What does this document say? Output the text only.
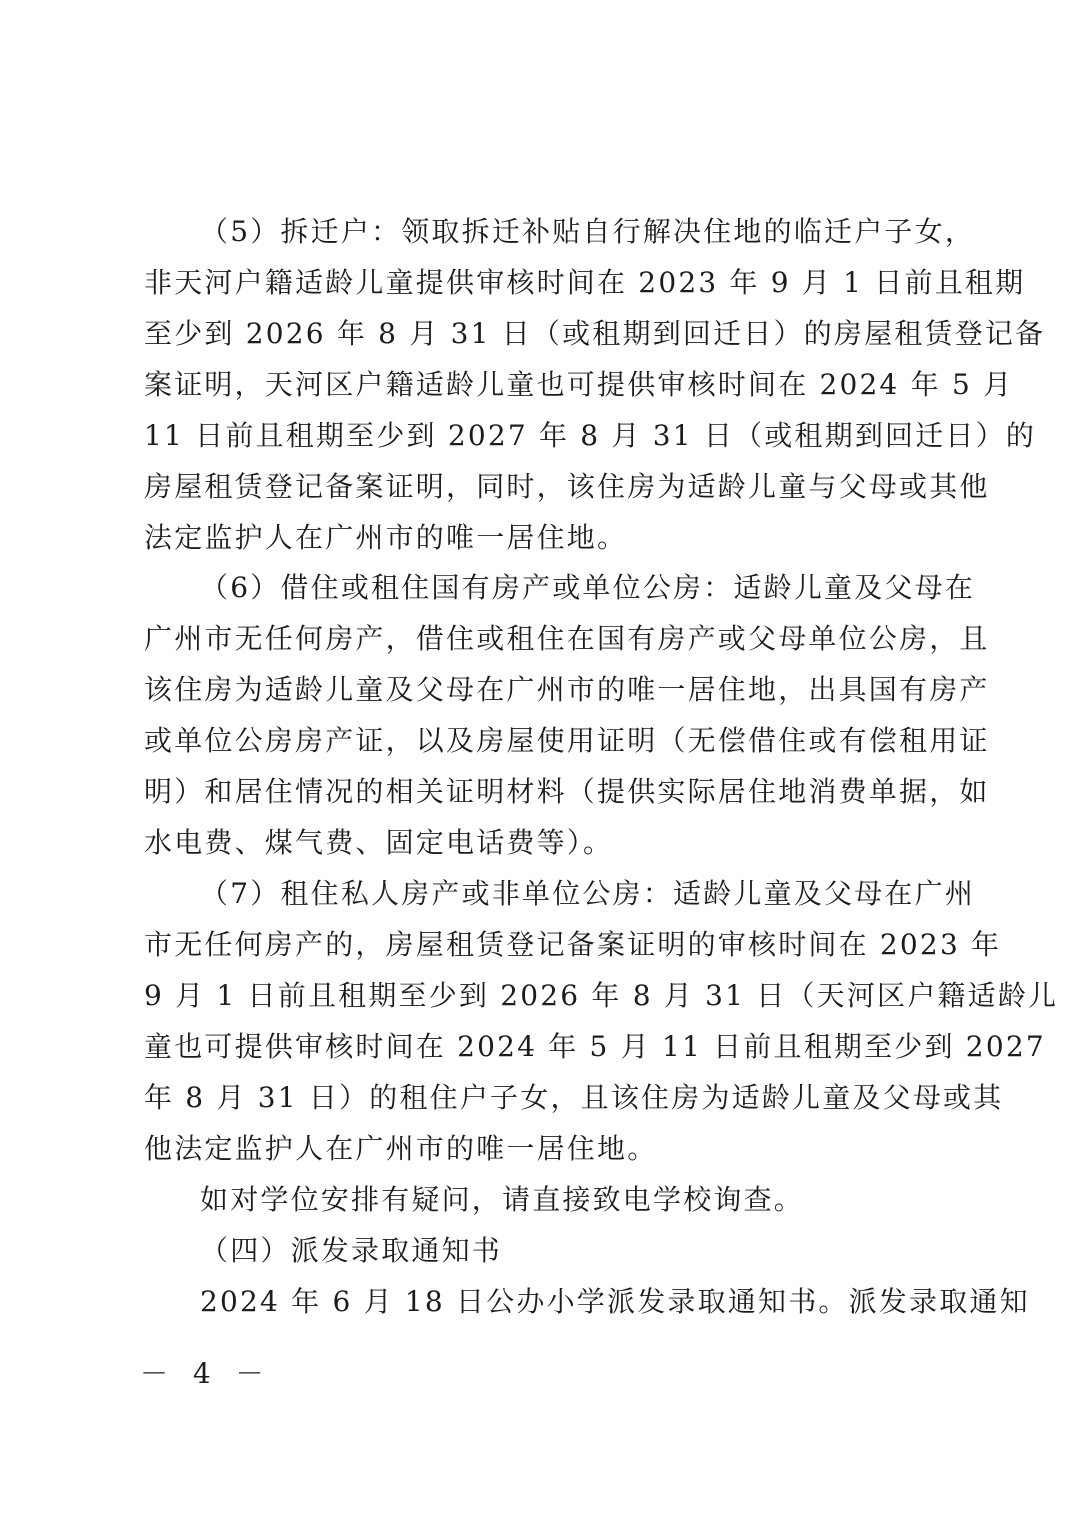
（5）拆迁户：领取拆迁补贴自行解决住地的临迁户子女，
非天河户籍适龄儿童提供审核时间在 2023 年 9 月 1 日前且租期
至少到 2026 年 8 月 31 日（或租期到回迁日）的房屋租赁登记备
案证明，天河区户籍适龄儿童也可提供审核时间在 2024 年 5 月
11 日前且租期至少到 2027 年 8 月 31 日（或租期到回迁日）的
房屋租赁登记备案证明，同时，该住房为适龄儿童与父母或其他
法定监护人在广州市的唯一居住地。
（6）借住或租住国有房产或单位公房：适龄儿童及父母在
广州市无任何房产，借住或租住在国有房产或父母单位公房，且
该住房为适龄儿童及父母在广州市的唯一居住地，出具国有房产
或单位公房房产证，以及房屋使用证明（无偿借住或有偿租用证
明）和居住情况的相关证明材料（提供实际居住地消费单据，如
水电费、煤气费、固定电话费等）。
（7）租住私人房产或非单位公房：适龄儿童及父母在广州
市无任何房产的，房屋租赁登记备案证明的审核时间在 2023 年
9 月 1 日前且租期至少到 2026 年 8 月 31 日（天河区户籍适龄儿
童也可提供审核时间在 2024 年 5 月 11 日前且租期至少到 2027
年 8 月 31 日）的租住户子女，且该住房为适龄儿童及父母或其
他法定监护人在广州市的唯一居住地。
如对学位安排有疑问，请直接致电学校询查。
（四）派发录取通知书
2024 年 6 月 18 日公办小学派发录取通知书。派发录取通知
－ 4 －
